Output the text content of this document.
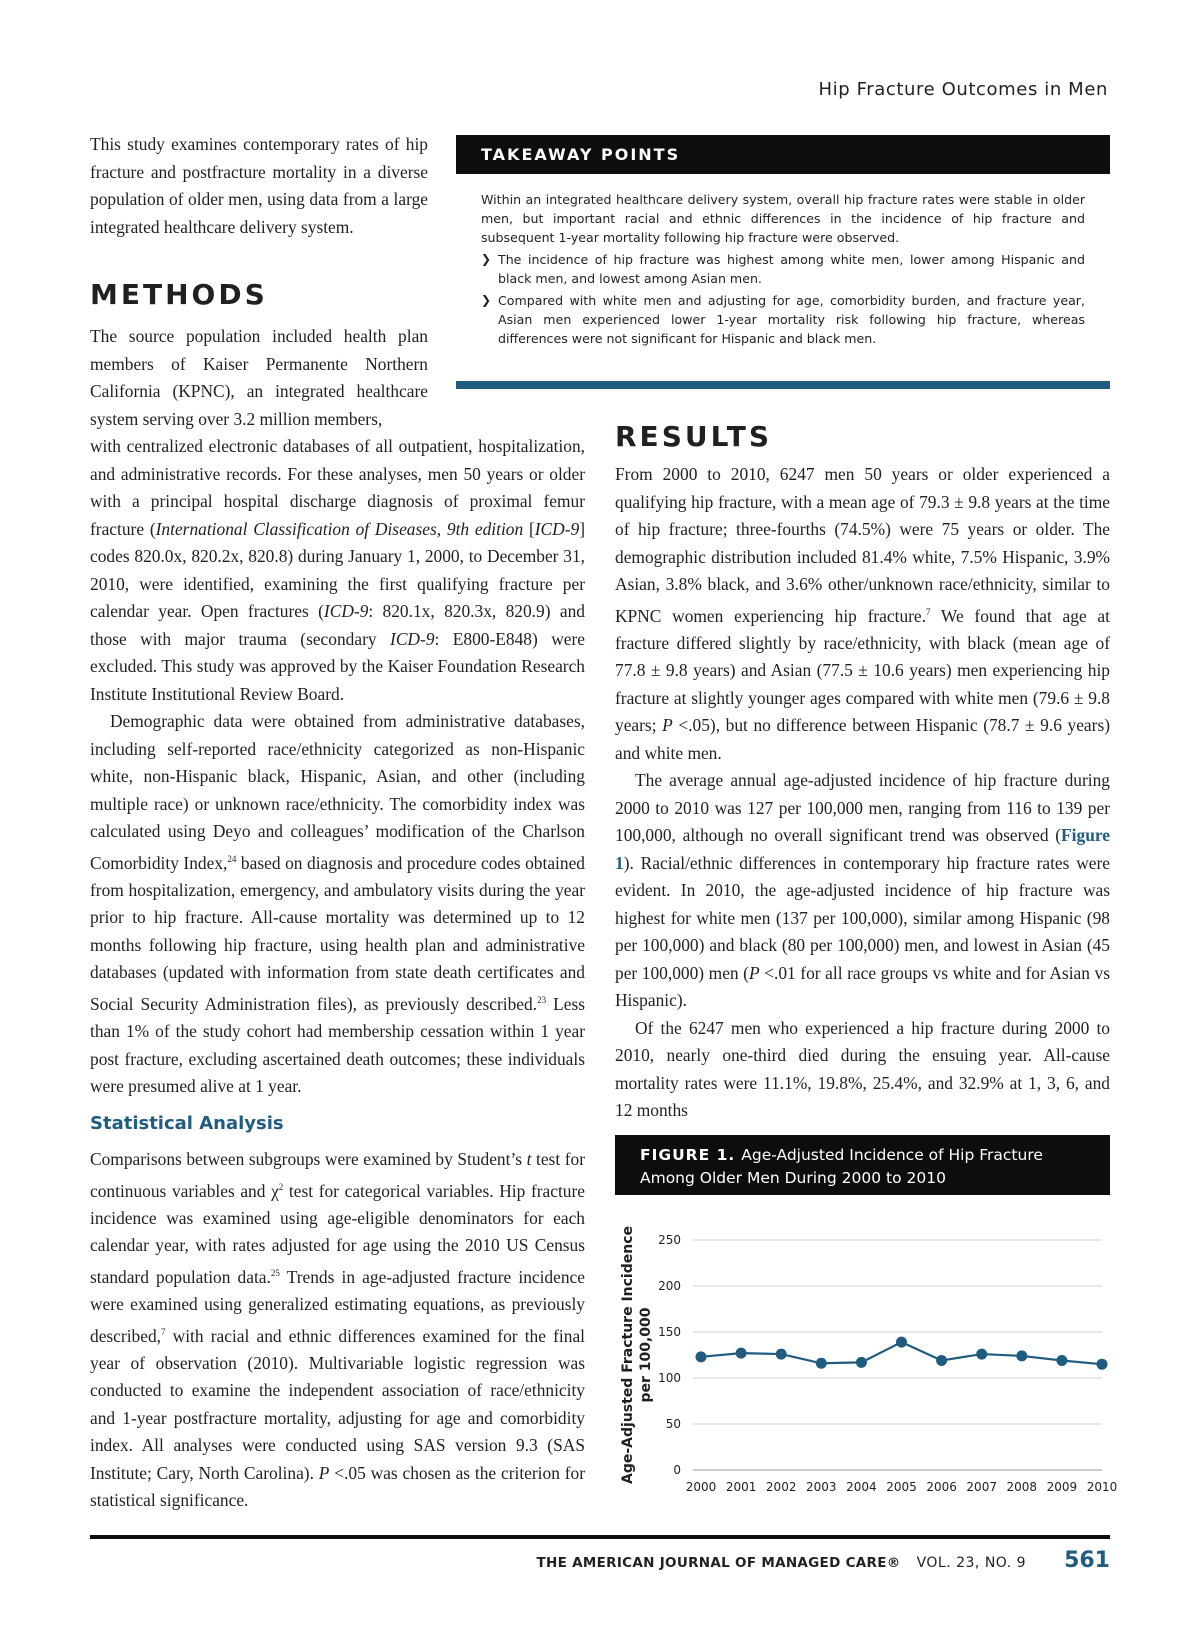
Hip Fracture Outcomes in Men

This study examines contemporary rates of hip fracture and postfracture mortality in a diverse population of older men, using data from a large integrated healthcare delivery system.

METHODS

The source population included health plan members of Kaiser Permanente Northern California (KPNC), an integrated healthcare system serving over 3.2 million members,

with centralized electronic databases of all outpatient, hospitalization, and administrative records. For these analyses, men 50 years or older with a principal hospital discharge diagnosis of proximal femur fracture (International Classification of Diseases, 9th edition [ICD-9] codes 820.0x, 820.2x, 820.8) during January 1, 2000, to December 31, 2010, were identified, examining the first qualifying fracture per calendar year. Open fractures (ICD-9: 820.1x, 820.3x, 820.9) and those with major trauma (secondary ICD-9: E800-E848) were excluded. This study was approved by the Kaiser Foundation Research Institute Institutional Review Board.

Demographic data were obtained from administrative databases, including self-reported race/ethnicity categorized as non-Hispanic white, non-Hispanic black, Hispanic, Asian, and other (including multiple race) or unknown race/ethnicity. The comorbidity index was calculated using Deyo and colleagues’ modification of the Charlson Comorbidity Index,$^{24}$ based on diagnosis and procedure codes obtained from hospitalization, emergency, and ambulatory visits during the year prior to hip fracture. All-cause mortality was determined up to 12 months following hip fracture, using health plan and administrative databases (updated with information from state death certificates and Social Security Administration files), as previously described.$^{23}$ Less than 1% of the study cohort had membership cessation within 1 year post fracture, excluding ascertained death outcomes; these individuals were presumed alive at 1 year.

Statistical Analysis

Comparisons between subgroups were examined by Student’s t test for continuous variables and $\chi^2$ test for categorical variables. Hip fracture incidence was examined using age-eligible denominators for each calendar year, with rates adjusted for age using the 2010 US Census standard population data.$^{25}$ Trends in age-adjusted fracture incidence were examined using generalized estimating equations, as previously described,$^7$ with racial and ethnic differences examined for the final year of observation (2010). Multivariable logistic regression was conducted to examine the independent association of race/ethnicity and 1-year postfracture mortality, adjusting for age and comorbidity index. All analyses were conducted using SAS version 9.3 (SAS Institute; Cary, North Carolina). P <.05 was chosen as the criterion for statistical significance.

TAKEAWAY POINTS

Within an integrated healthcare delivery system, overall hip fracture rates were stable in older men, but important racial and ethnic differences in the incidence of hip fracture and subsequent 1-year mortality following hip fracture were observed.

❯ The incidence of hip fracture was highest among white men, lower among Hispanic and black men, and lowest among Asian men.
❯ Compared with white men and adjusting for age, comorbidity burden, and fracture year, Asian men experienced lower 1-year mortality risk following hip fracture, whereas differences were not significant for Hispanic and black men.
RESULTS

From 2000 to 2010, 6247 men 50 years or older experienced a qualifying hip fracture, with a mean age of 79.3 ± 9.8 years at the time of hip fracture; three-fourths (74.5%) were 75 years or older. The demographic distribution included 81.4% white, 7.5% Hispanic, 3.9% Asian, 3.8% black, and 3.6% other/unknown race/ethnicity, similar to KPNC women experiencing hip fracture.$^7$ We found that age at fracture differed slightly by race/ethnicity, with black (mean age of 77.8 ± 9.8 years) and Asian (77.5 ± 10.6 years) men experiencing hip fracture at slightly younger ages compared with white men (79.6 ± 9.8 years; P <.05), but no difference between Hispanic (78.7 ± 9.6 years) and white men.

The average annual age-adjusted incidence of hip fracture during 2000 to 2010 was 127 per 100,000 men, ranging from 116 to 139 per 100,000, although no overall significant trend was observed (Figure 1). Racial/ethnic differences in contemporary hip fracture rates were evident. In 2010, the age-adjusted incidence of hip fracture was highest for white men (137 per 100,000), similar among Hispanic (98 per 100,000) and black (80 per 100,000) men, and lowest in Asian (45 per 100,000) men (P <.01 for all race groups vs white and for Asian vs Hispanic).

Of the 6247 men who experienced a hip fracture during 2000 to 2010, nearly one-third died during the ensuing year. All-cause mortality rates were 11.1%, 19.8%, 25.4%, and 32.9% at 1, 3, 6, and 12 months

FIGURE 1. Age-Adjusted Incidence of Hip Fracture Among Older Men During 2000 to 2010
0
50
100
150
200
250
2000 2001 2002 2003 2004 2005 2006 2007 2008 2009 2010
Age-Adjusted Fracture Incidence per 100,000
THE AMERICAN JOURNAL OF MANAGED CARE® VOL. 23, NO. 9 561
